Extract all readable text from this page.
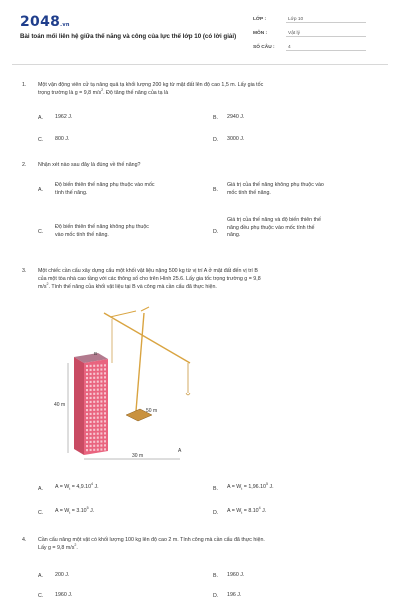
2048.vn
Bài toán mối liên hệ giữa thế năng và công của lực thế lớp 10 (có lời giải)
LỚP :	Lớp 10
MÔN :	Vật lý
SỐ CÂU :	4
1. Một vận động viên cử tạ nâng quả tạ khối lượng 200 kg từ mặt đất lên độ cao 1,5 m. Lấy gia tốc
trọng trường là g = 9,8 $m/s^2$. Độ tăng thế năng của tạ là
A. 1962 J.	B. 2940 J.
C. 800 J.	D. 3000 J.
2. Nhận xét nào sau đây là đúng về thế năng?
A.
Độ biến thiên thế năng phụ thuộc vào mốc
tính thế năng.	B.
Giá trị của thế năng không phụ thuộc vào
mốc tính thế năng.
C.
Độ biến thiên thế năng không phụ thuộc
vào mốc tính thế năng.	D.
Giá trị của thế năng và độ biến thiên thế
năng đều phụ thuộc vào mốc tính thế
năng.
3. Một chiếc cần cẩu xây dựng cẩu một khối vật liệu nặng 500 kg từ vị trí A ở mặt đất đến vị trí B
của một tòa nhà cao tầng với các thông số cho trên Hình 25.6. Lấy gia tốc trọng trường g = 9,8
$m/s^2$. Tính thế năng của khối vật liệu tại B và công mà cần cẩu đã thực hiện.
B
40 m
50 m
30 m
A
A. $A = W_t = 4,9.10^4$ J.	B. $A = W_t = 1,96.10^5$ J.
C. $A = W_t = 3.10^5$ J.	D. $A = W_t = 8.10^4$ J.
4. Cần cẩu nâng một vật có khối lượng 100 kg lên độ cao 2 m. Tính công mà cần cẩu đã thực hiện.
Lấy g = 9,8 $m/s^2$.
A. 200 J.	B. 1960 J.
C. 1960 J.	D. 196 J.
